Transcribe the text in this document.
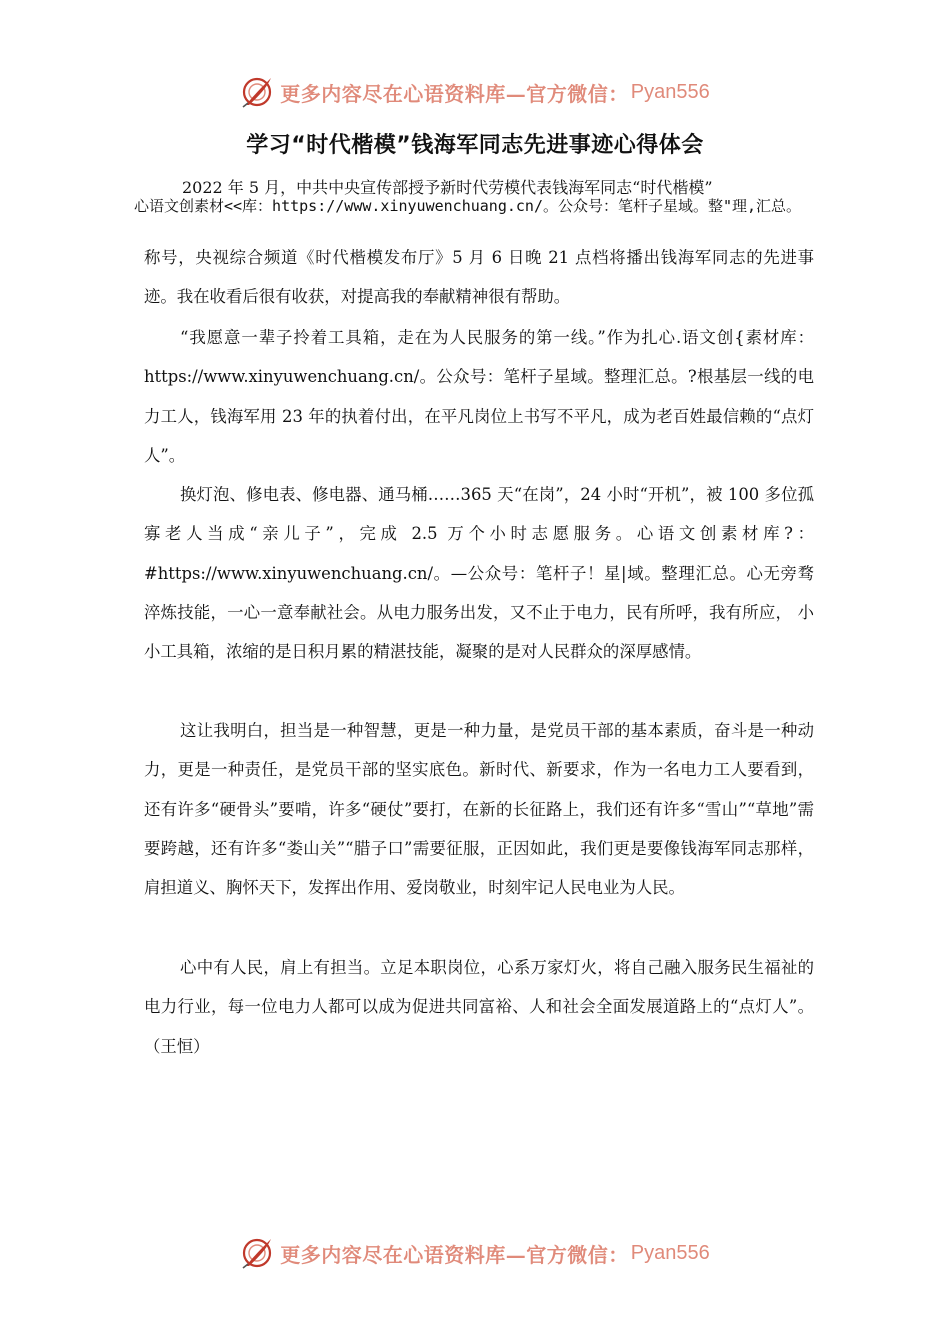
更多内容尽在心语资料库—官方微信： Pyan556
学习“时代楷模”钱海军同志先进事迹心得体会
2022 年 5 月，中共中央宣传部授予新时代劳模代表钱海军同志“时代楷模”
心语文创素材<<库：https://www.xinyuwenchuang.cn/。公众号：笔杆子星域。整"理,汇总。
称号，央视综合频道《时代楷模发布厅》5 月 6 日晚 21 点档将播出钱海军同志的先进事迹。我在收看后很有收获，对提高我的奉献精神很有帮助。
“我愿意一辈子拎着工具箱，走在为人民服务的第一线。”作为扎心.语文创{素材库：https://www.xinyuwenchuang.cn/。公众号：笔杆子星域。整理汇总。?根基层一线的电力工人，钱海军用 23 年的执着付出，在平凡岗位上书写不平凡，成为老百姓最信赖的“点灯人”。
换灯泡、修电表、修电器、通马桶……365 天“在岗”，24 小时“开机”，被 100 多位孤寡老人当成“亲儿子”，完成 2.5 万个小时志愿服务。心语文创素材库?：#https://www.xinyuwenchuang.cn/。—公众号：笔杆子！星|域。整理汇总。心无旁骛淬炼技能，一心一意奉献社会。从电力服务出发，又不止于电力，民有所呼，我有所应， 小小工具箱，浓缩的是日积月累的精湛技能，凝聚的是对人民群众的深厚感情。
这让我明白，担当是一种智慧，更是一种力量，是党员干部的基本素质，奋斗是一种动力，更是一种责任，是党员干部的坚实底色。新时代、新要求，作为一名电力工人要看到，还有许多“硬骨头”要啃，许多“硬仗”要打，在新的长征路上，我们还有许多“雪山”“草地”需要跨越，还有许多“娄山关”“腊子口”需要征服，正因如此，我们更是要像钱海军同志那样，肩担道义、胸怀天下，发挥出作用、爱岗敬业，时刻牢记人民电业为人民。
心中有人民，肩上有担当。立足本职岗位，心系万家灯火，将自己融入服务民生福祉的电力行业，每一位电力人都可以成为促进共同富裕、人和社会全面发展道路上的“点灯人”。（王恒）
更多内容尽在心语资料库—官方微信： Pyan556
